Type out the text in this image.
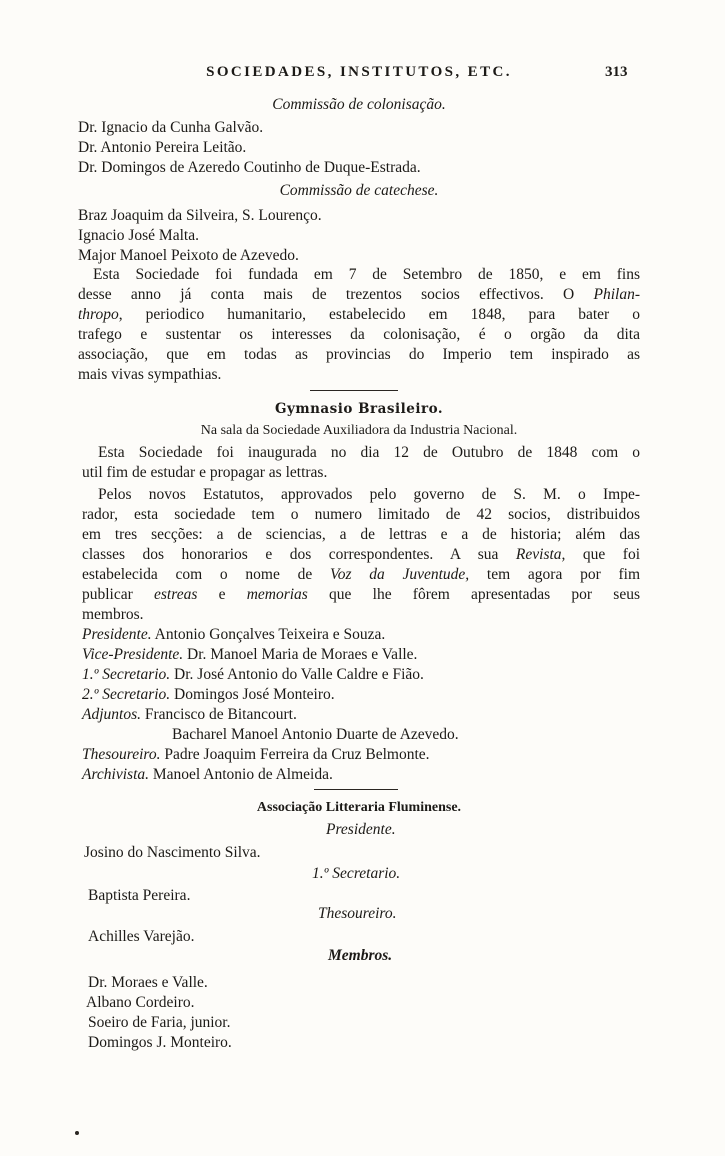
SOCIEDADES, INSTITUTOS, ETC.	313
Commissão de colonisação.
Dr. Ignacio da Cunha Galvão.
Dr. Antonio Pereira Leitão.
Dr. Domingos de Azeredo Coutinho de Duque-Estrada.
Commissão de catechese.
Braz Joaquim da Silveira, S. Lourenço.
Ignacio José Malta.
Major Manoel Peixoto de Azevedo.
Esta Sociedade foi fundada em 7 de Setembro de 1850, e em fins
desse anno já conta mais de trezentos socios effectivos. O Philan-
thropo, periodico humanitario, estabelecido em 1848, para bater o
trafego e sustentar os interesses da colonisação, é o orgão da dita
associação, que em todas as provincias do Imperio tem inspirado as
mais vivas sympathias.
Gymnasio Brasileiro.
Na sala da Sociedade Auxiliadora da Industria Nacional.
Esta Sociedade foi inaugurada no dia 12 de Outubro de 1848 com o
util fim de estudar e propagar as lettras.
Pelos novos Estatutos, approvados pelo governo de S. M. o Impe-
rador, esta sociedade tem o numero limitado de 42 socios, distribuidos
em tres secções: a de sciencias, a de lettras e a de historia; além das
classes dos honorarios e dos correspondentes. A sua Revista, que foi
estabelecida com o nome de Voz da Juventude, tem agora por fim
publicar estreas e memorias que lhe fôrem apresentadas por seus
membros.
Presidente. Antonio Gonçalves Teixeira e Souza.
Vice-Presidente. Dr. Manoel Maria de Moraes e Valle.
1.º Secretario. Dr. José Antonio do Valle Caldre e Fião.
2.º Secretario. Domingos José Monteiro.
Adjuntos. Francisco de Bitancourt.
Bacharel Manoel Antonio Duarte de Azevedo.
Thesoureiro. Padre Joaquim Ferreira da Cruz Belmonte.
Archivista. Manoel Antonio de Almeida.
Associação Litteraria Fluminense.
Presidente.
Josino do Nascimento Silva.
1.º Secretario.
Baptista Pereira.
Thesoureiro.
Achilles Varejão.
Membros.
Dr. Moraes e Valle.
Albano Cordeiro.
Soeiro de Faria, junior.
Domingos J. Monteiro.
